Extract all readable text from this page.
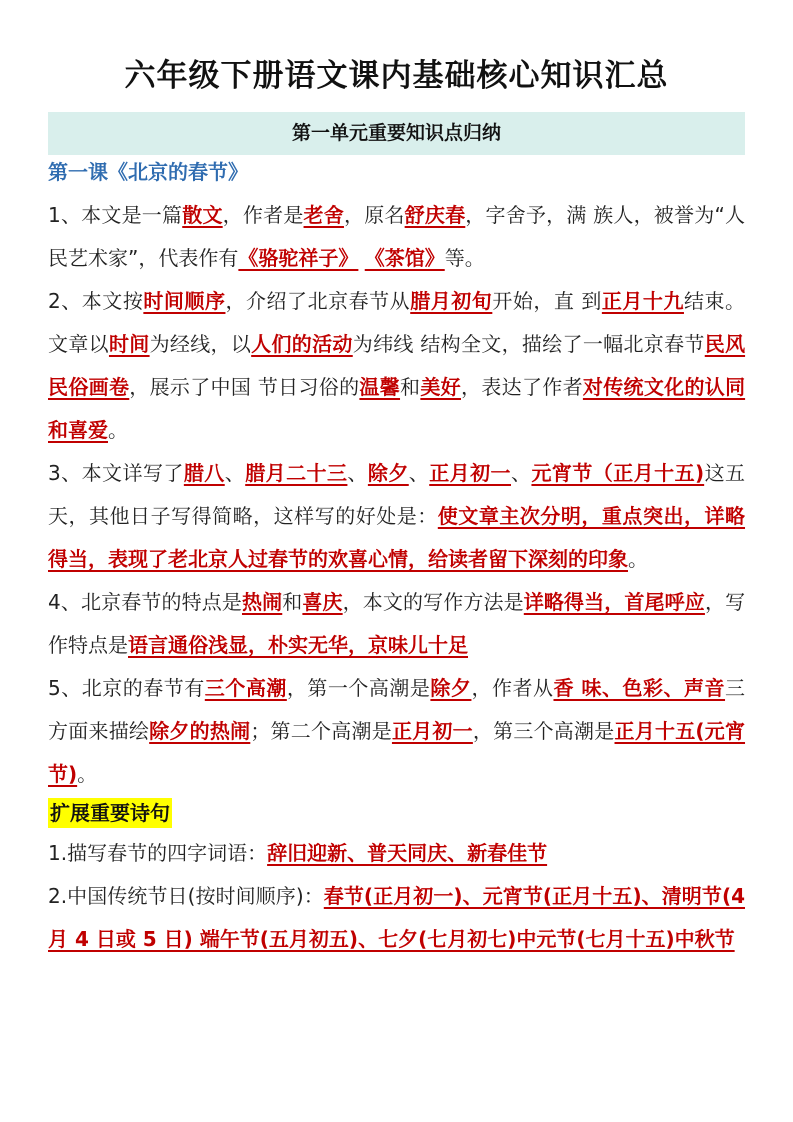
六年级下册语文课内基础核心知识汇总
第一单元重要知识点归纳
第一课《北京的春节》

1、本文是一篇散文，作者是老舍，原名舒庆春，字舍予，满 族人，被誉为“人民艺术家”，代表作有《骆驼祥子》 《茶馆》等。

2、本文按时间顺序，介绍了北京春节从腊月初旬开始，直 到正月十九结束。文章以时间为经线，以人们的活动为纬线 结构全文，描绘了一幅北京春节民风民俗画卷，展示了中国 节日习俗的温馨和美好，表达了作者对传统文化的认同和喜爱。

3、本文详写了腊八、腊月二十三、除夕、正月初一、元宵节（正月十五)这五天，其他日子写得简略，这样写的好处是：使文章主次分明，重点突出，详略得当，表现了老北京人过春节的欢喜心情，给读者留下深刻的印象。

4、北京春节的特点是热闹和喜庆，本文的写作方法是详略得当，首尾呼应，写作特点是语言通俗浅显，朴实无华，京味儿十足

5、北京的春节有三个高潮，第一个高潮是除夕，作者从香 味、色彩、声音三方面来描绘除夕的热闹；第二个高潮是正月初一，第三个高潮是正月十五(元宵节)。

扩展重要诗句

1.描写春节的四字词语：辞旧迎新、普天同庆、新春佳节

2.中国传统节日(按时间顺序)：春节(正月初一)、元宵节(正月十五)、清明节(4 月 4 日或 5 日) 端午节(五月初五)、七夕(七月初七)中元节(七月十五)中秋节
